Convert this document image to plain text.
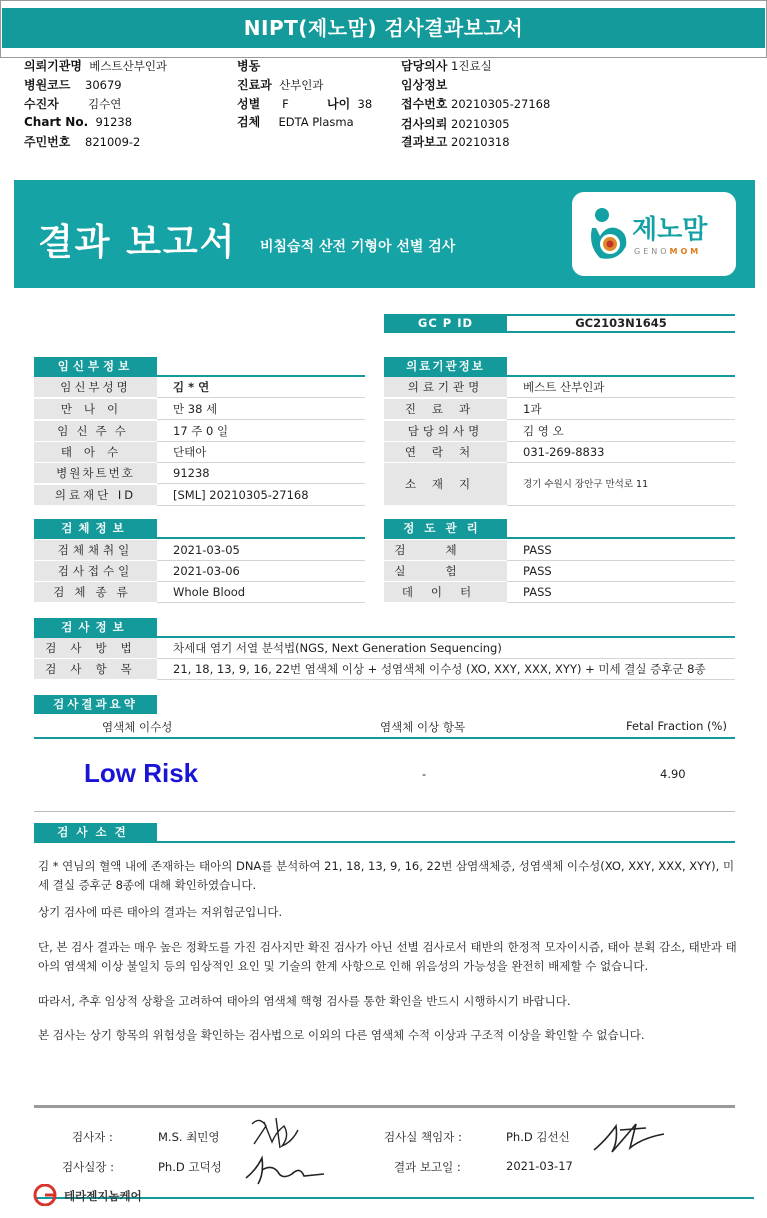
NIPT(제노맘) 검사결과보고서
의뢰기관명 베스트산부인과
병원코드 30679
수진자	김수연
Chart No. 91238
주민번호 821009-2
병동
진료과 산부인과
성별 F	나이 38
검체 EDTA Plasma
담당의사 1진료실
임상정보
접수번호 20210305-27168
검사의뢰 20210305
결과보고 20210318
결과 보고서 비침습적 산전 기형아 선별 검사
제노맘
GENOMOM
GC P ID	GC2103N1645
임신부정보
임신부성명	김 * 연
만나이	만 38 세
임신주수	17 주 0 일
태아수	단태아
병원차트번호	91238
의료재단 ID	[SML] 20210305-27168
의료기관정보
의료기관명	베스트 산부인과
진료과	1과
담당의사명	김 영 오
연락처	031-269-8833
소재지	경기 수원시 장안구 만석로 11
검체정보
검체채취일	2021-03-05
검사접수일	2021-03-06
검체종류	Whole Blood
정도관리
검체	PASS
실험	PASS
데이터	PASS
검사정보
검사방법	차세대 염기 서열 분석법(NGS, Next Generation Sequencing)
검사항목	21, 18, 13, 9, 16, 22번 염색체 이상 + 성염색체 이수성 (XO, XXY, XXX, XYY) + 미세 결실 증후군 8종
검사결과요약
염색체 이수성	염색체 이상 항목	Fetal Fraction (%)
Low Risk	-	4.90
검사소견
김 * 연님의 혈액 내에 존재하는 태아의 DNA를 분석하여 21, 18, 13, 9, 16, 22번 삼염색체증, 성염색체 이수성(XO, XXY, XXX, XYY), 미세 결실 증후군 8종에 대해 확인하였습니다.
상기 검사에 따른 태아의 결과는 저위험군입니다.
단, 본 검사 결과는 매우 높은 정확도를 가진 검사지만 확진 검사가 아닌 선별 검사로서 태반의 한정적 모자이시즘, 태아 분획 감소, 태반과 태아의 염색체 이상 불일치 등의 임상적인 요인 및 기술의 한계 사항으로 인해 위음성의 가능성을 완전히 배제할 수 없습니다.
따라서, 추후 임상적 상황을 고려하여 태아의 염색체 핵형 검사를 통한 확인을 반드시 시행하시기 바랍니다.
본 검사는 상기 항목의 위험성을 확인하는 검사법으로 이외의 다른 염색체 수적 이상과 구조적 이상을 확인할 수 없습니다.
검사자 :	M.S. 최민영	검사실 책임자 :	Ph.D 김선신
검사실장 :	Ph.D 고덕성	결과 보고일 :	2021-03-17
테라젠지놈케어
